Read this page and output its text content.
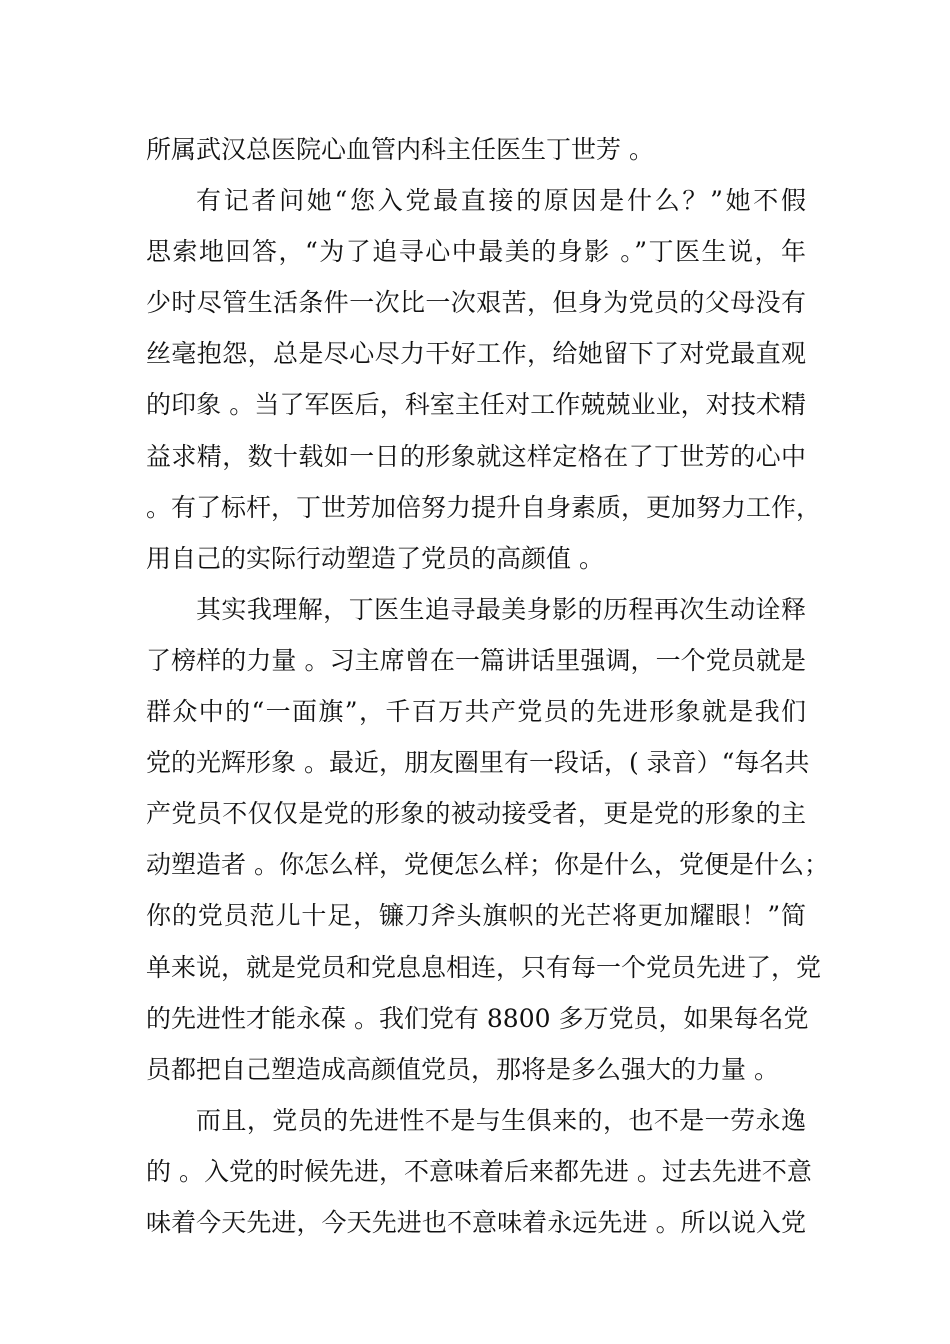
所属武汉总医院心血管内科主任医生丁世芳 。
有记者问她“您入党最直接的原因是什么？”她不假
思索地回答，“为了追寻心中最美的身影 。”丁医生说，年
少时尽管生活条件一次比一次艰苦，但身为党员的父母没有
丝毫抱怨，总是尽心尽力干好工作，给她留下了对党最直观
的印象 。当了军医后，科室主任对工作兢兢业业，对技术精
益求精，数十载如一日的形象就这样定格在了丁世芳的心中
。有了标杆，丁世芳加倍努力提升自身素质，更加努力工作，
用自己的实际行动塑造了党员的高颜值 。
其实我理解，丁医生追寻最美身影的历程再次生动诠释
了榜样的力量 。习主席曾在一篇讲话里强调，一个党员就是
群众中的“一面旗”，千百万共产党员的先进形象就是我们
党的光辉形象 。最近，朋友圈里有一段话，( 录音）“每名共
产党员不仅仅是党的形象的被动接受者，更是党的形象的主
动塑造者 。你怎么样，党便怎么样；你是什么，党便是什么；
你的党员范儿十足，镰刀斧头旗帜的光芒将更加耀眼！”简
单来说，就是党员和党息息相连，只有每一个党员先进了，党
的先进性才能永葆 。我们党有 8800 多万党员，如果每名党
员都把自己塑造成高颜值党员，那将是多么强大的力量 。
而且，党员的先进性不是与生俱来的，也不是一劳永逸
的 。入党的时候先进，不意味着后来都先进 。过去先进不意
味着今天先进，今天先进也不意味着永远先进 。所以说入党
